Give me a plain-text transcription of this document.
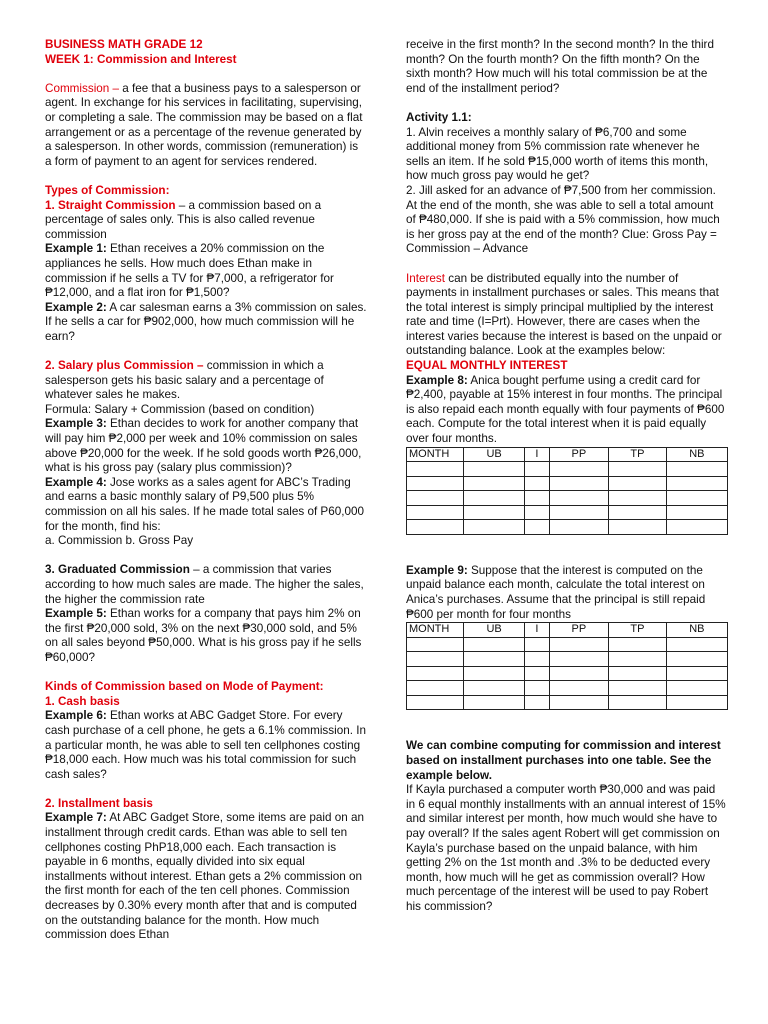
BUSINESS MATH GRADE 12

WEEK 1: Commission and Interest

Commission – a fee that a business pays to a salesperson or agent. In exchange for his services in facilitating, supervising, or completing a sale. The commission may be based on a flat arrangement or as a percentage of the revenue generated by a salesperson. In other words, commission (remuneration) is a form of payment to an agent for services rendered.

Types of Commission:

1. Straight Commission – a commission based on a percentage of sales only. This is also called revenue commission

Example 1: Ethan receives a 20% commission on the appliances he sells. How much does Ethan make in commission if he sells a TV for ₱7,000, a refrigerator for ₱12,000, and a flat iron for ₱1,500?

Example 2: A car salesman earns a 3% commission on sales. If he sells a car for ₱902,000, how much commission will he earn?

2. Salary plus Commission – commission in which a salesperson gets his basic salary and a percentage of whatever sales he makes.

Formula: Salary + Commission (based on condition)

Example 3: Ethan decides to work for another company that will pay him ₱2,000 per week and 10% commission on sales above ₱20,000 for the week. If he sold goods worth ₱26,000, what is his gross pay (salary plus commission)?

Example 4: Jose works as a sales agent for ABC’s Trading and earns a basic monthly salary of P9,500 plus 5% commission on all his sales. If he made total sales of P60,000 for the month, find his:

a. Commission b. Gross Pay

3. Graduated Commission – a commission that varies according to how much sales are made. The higher the sales, the higher the commission rate

Example 5: Ethan works for a company that pays him 2% on the first ₱20,000 sold, 3% on the next ₱30,000 sold, and 5% on all sales beyond ₱50,000. What is his gross pay if he sells ₱60,000?

Kinds of Commission based on Mode of Payment:

1. Cash basis

Example 6: Ethan works at ABC Gadget Store. For every cash purchase of a cell phone, he gets a 6.1% commission. In a particular month, he was able to sell ten cellphones costing ₱18,000 each. How much was his total commission for such cash sales?

2. Installment basis

Example 7: At ABC Gadget Store, some items are paid on an installment through credit cards. Ethan was able to sell ten cellphones costing PhP18,000 each. Each transaction is payable in 6 months, equally divided into six equal installments without interest. Ethan gets a 2% commission on the first month for each of the ten cell phones. Commission decreases by 0.30% every month after that and is computed on the outstanding balance for the month. How much commission does Ethan

receive in the first month? In the second month? In the third month? On the fourth month? On the fifth month? On the sixth month? How much will his total commission be at the end of the installment period?

Activity 1.1:

1. Alvin receives a monthly salary of ₱6,700 and some additional money from 5% commission rate whenever he sells an item. If he sold ₱15,000 worth of items this month, how much gross pay would he get?

2. Jill asked for an advance of ₱7,500 from her commission. At the end of the month, she was able to sell a total amount of ₱480,000. If she is paid with a 5% commission, how much is her gross pay at the end of the month? Clue: Gross Pay = Commission – Advance

Interest can be distributed equally into the number of payments in installment purchases or sales. This means that the total interest is simply principal multiplied by the interest rate and time (I=Prt). However, there are cases when the interest varies because the interest is based on the unpaid or outstanding balance. Look at the examples below:

EQUAL MONTHLY INTEREST

Example 8: Anica bought perfume using a credit card for ₱2,400, payable at 15% interest in four months. The principal is also repaid each month equally with four payments of ₱600 each. Compute for the total interest when it is paid equally over four months.

MONTH	UB	I	PP	TP	NB

Example 9: Suppose that the interest is computed on the unpaid balance each month, calculate the total interest on Anica’s purchases. Assume that the principal is still repaid ₱600 per month for four months

MONTH	UB	I	PP	TP	NB

We can combine computing for commission and interest based on installment purchases into one table. See the example below.

If Kayla purchased a computer worth ₱30,000 and was paid in 6 equal monthly installments with an annual interest of 15% and similar interest per month, how much would she have to pay overall? If the sales agent Robert will get commission on Kayla’s purchase based on the unpaid balance, with him getting 2% on the 1st month and .3% to be deducted every month, how much will he get as commission overall? How much percentage of the interest will be used to pay Robert his commission?
